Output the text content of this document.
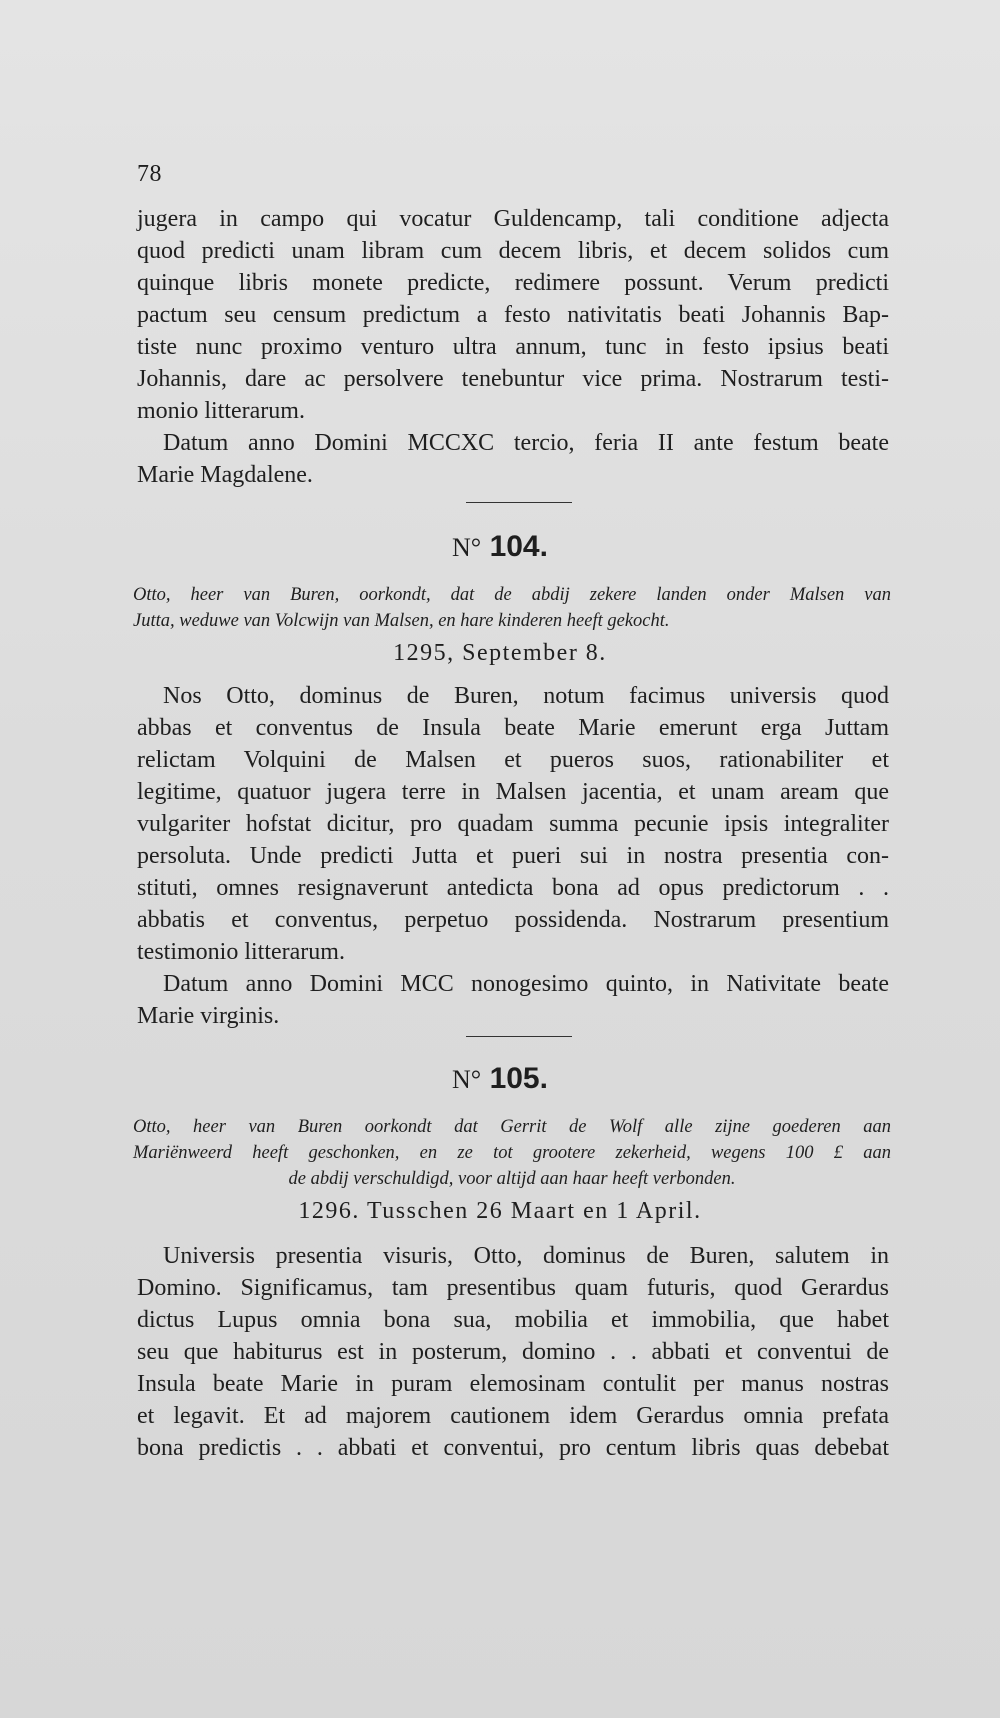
78
jugera in campo qui vocatur Guldencamp, tali conditione adjecta
quod predicti unam libram cum decem libris, et decem solidos cum
quinque libris monete predicte, redimere possunt. Verum predicti
pactum seu censum predictum a festo nativitatis beati Johannis Bap-
tiste nunc proximo venturo ultra annum, tunc in festo ipsius beati
Johannis, dare ac persolvere tenebuntur vice prima. Nostrarum testi-
monio litterarum.
Datum anno Domini MCCXC tercio, feria II ante festum beate
Marie Magdalene.
N° 104.
Otto, heer van Buren, oorkondt, dat de abdij zekere landen onder Malsen van
Jutta, weduwe van Volcwijn van Malsen, en hare kinderen heeft gekocht.
1295, September 8.
Nos Otto, dominus de Buren, notum facimus universis quod
abbas et conventus de Insula beate Marie emerunt erga Juttam
relictam Volquini de Malsen et pueros suos, rationabiliter et
legitime, quatuor jugera terre in Malsen jacentia, et unam aream que
vulgariter hofstat dicitur, pro quadam summa pecunie ipsis integraliter
persoluta. Unde predicti Jutta et pueri sui in nostra presentia con-
stituti, omnes resignaverunt antedicta bona ad opus predictorum . .
abbatis et conventus, perpetuo possidenda. Nostrarum presentium
testimonio litterarum.
Datum anno Domini MCC nonogesimo quinto, in Nativitate beate
Marie virginis.
N° 105.
Otto, heer van Buren oorkondt dat Gerrit de Wolf alle zijne goederen aan
Mariënweerd heeft geschonken, en ze tot grootere zekerheid, wegens 100 £ aan
de abdij verschuldigd, voor altijd aan haar heeft verbonden.
1296. Tusschen 26 Maart en 1 April.
Universis presentia visuris, Otto, dominus de Buren, salutem in
Domino. Significamus, tam presentibus quam futuris, quod Gerardus
dictus Lupus omnia bona sua, mobilia et immobilia, que habet
seu que habiturus est in posterum, domino . . abbati et conventui de
Insula beate Marie in puram elemosinam contulit per manus nostras
et legavit. Et ad majorem cautionem idem Gerardus omnia prefata
bona predictis . . abbati et conventui, pro centum libris quas debebat
